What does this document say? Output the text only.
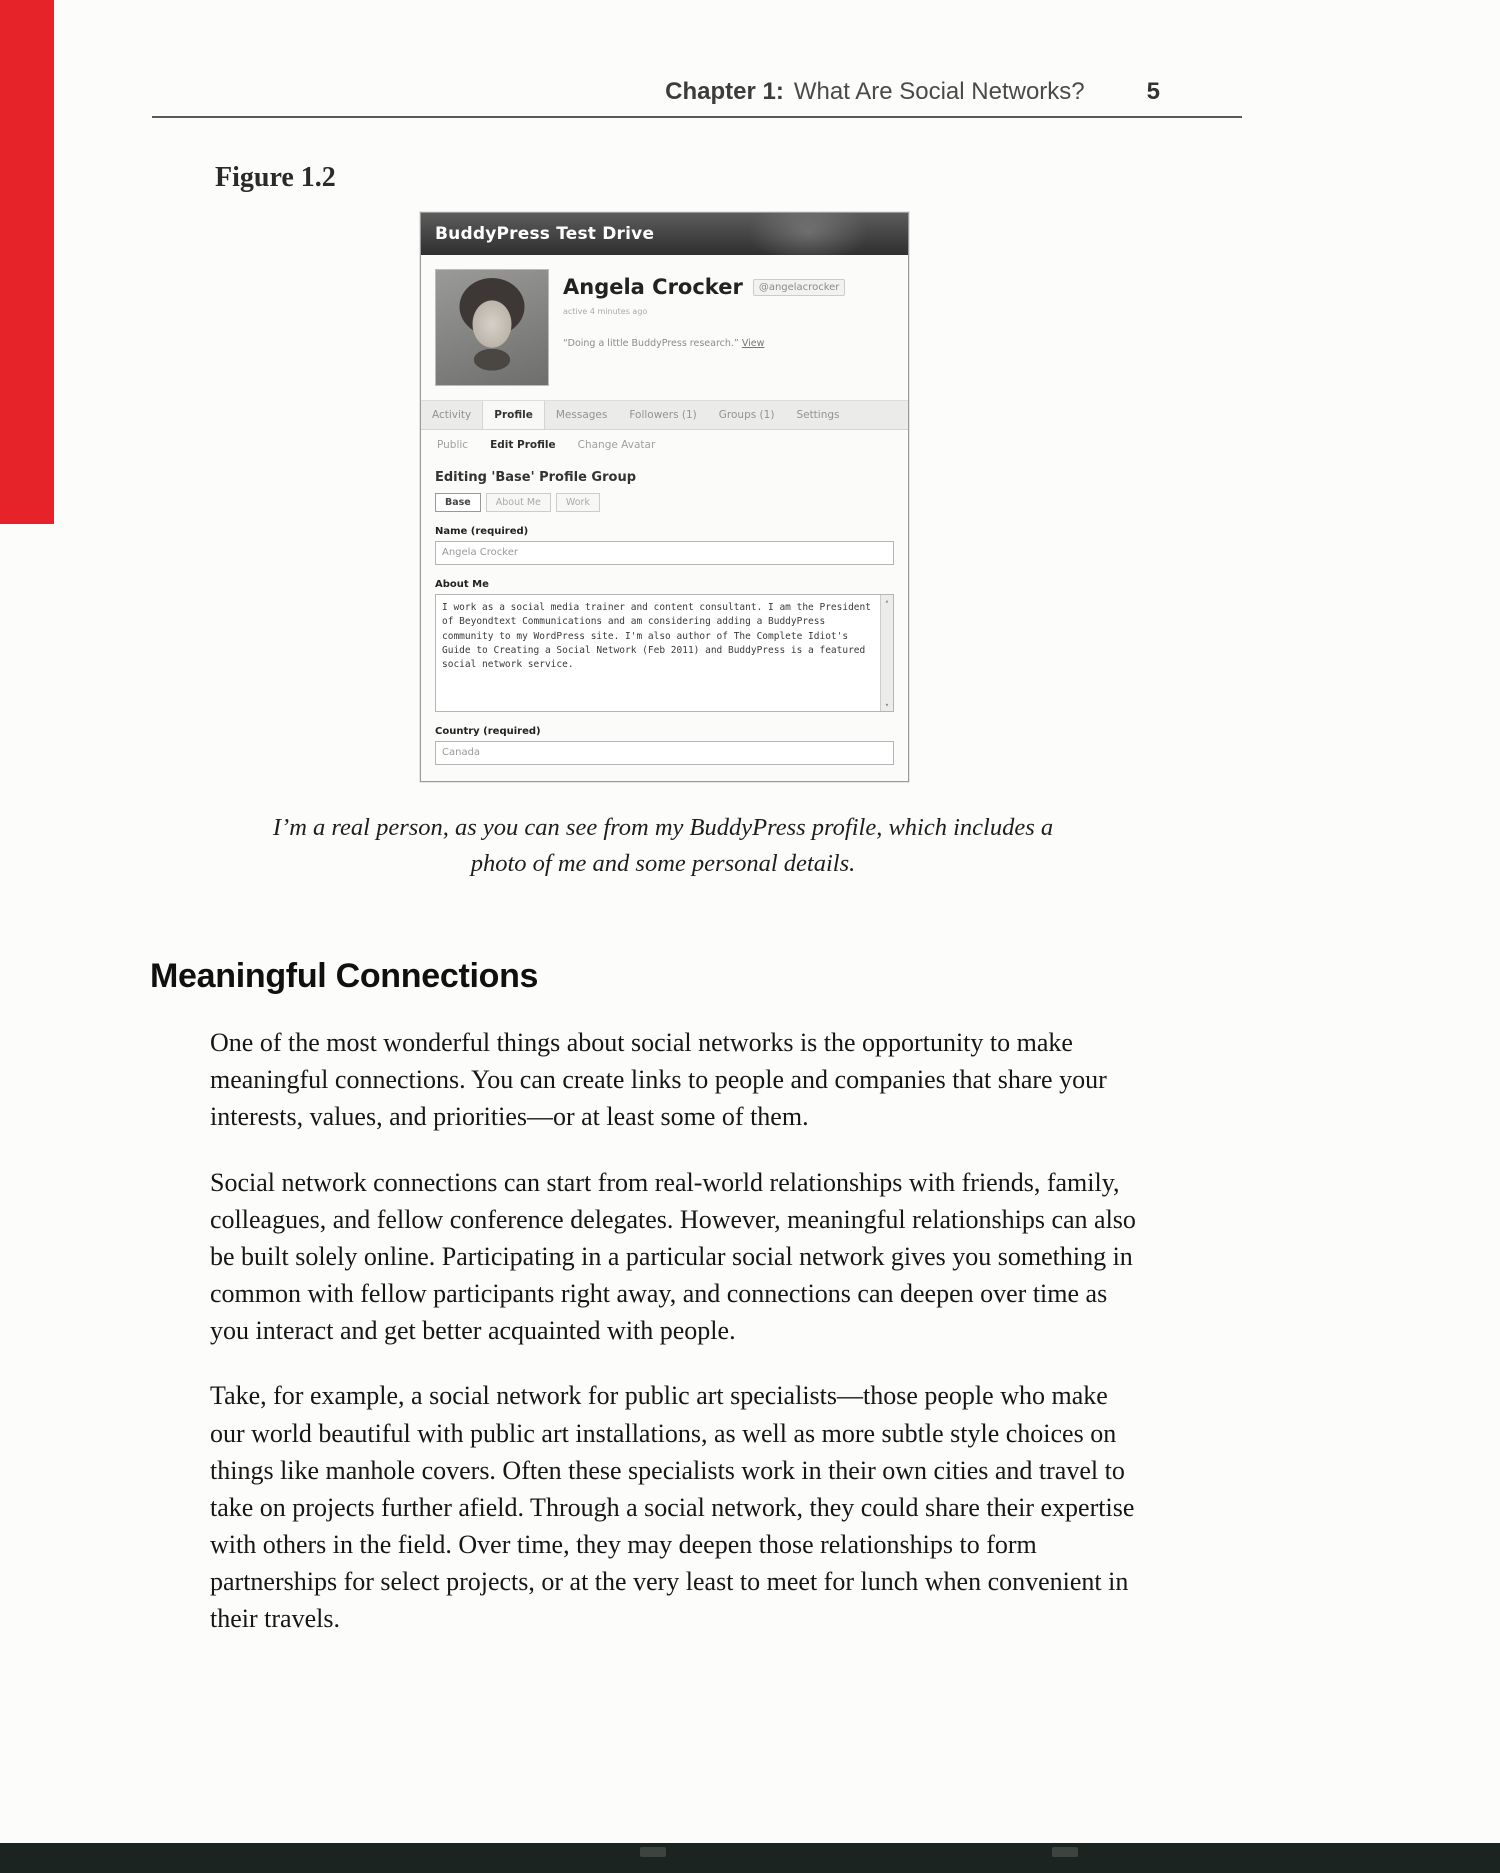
Chapter 1: What Are Social Networks?	5
Figure 1.2
BuddyPress Test Drive
Angela Crocker	@angelacrocker
active 4 minutes ago
“Doing a little BuddyPress research.” View
Activity	Profile	Messages	Followers (1)	Groups (1)	Settings
Public Edit Profile Change Avatar
Editing 'Base' Profile Group
Base	About Me	Work
Name (required)
Angela Crocker
About Me
I work as a social media trainer and content consultant. I am the President of Beyondtext Communications and am considering adding a BuddyPress community to my WordPress site. I'm also author of The Complete Idiot's Guide to Creating a Social Network (Feb 2011) and BuddyPress is a featured social network service.
▴
▾
Country (required)
Canada
I’m a real person, as you can see from my BuddyPress profile, which includes a photo of me and some personal details.
Meaningful Connections

One of the most wonderful things about social networks is the opportunity to make meaningful connections. You can create links to people and companies that share your interests, values, and priorities—or at least some of them.

Social network connections can start from real-world relationships with friends, family, colleagues, and fellow conference delegates. However, meaningful relationships can also be built solely online. Participating in a particular social network gives you something in common with fellow participants right away, and connections can deepen over time as you interact and get better acquainted with people.

Take, for example, a social network for public art specialists—those people who make our world beautiful with public art installations, as well as more subtle style choices on things like manhole covers. Often these specialists work in their own cities and travel to take on projects further afield. Through a social network, they could share their expertise with others in the field. Over time, they may deepen those relationships to form partnerships for select projects, or at the very least to meet for lunch when convenient in their travels.
